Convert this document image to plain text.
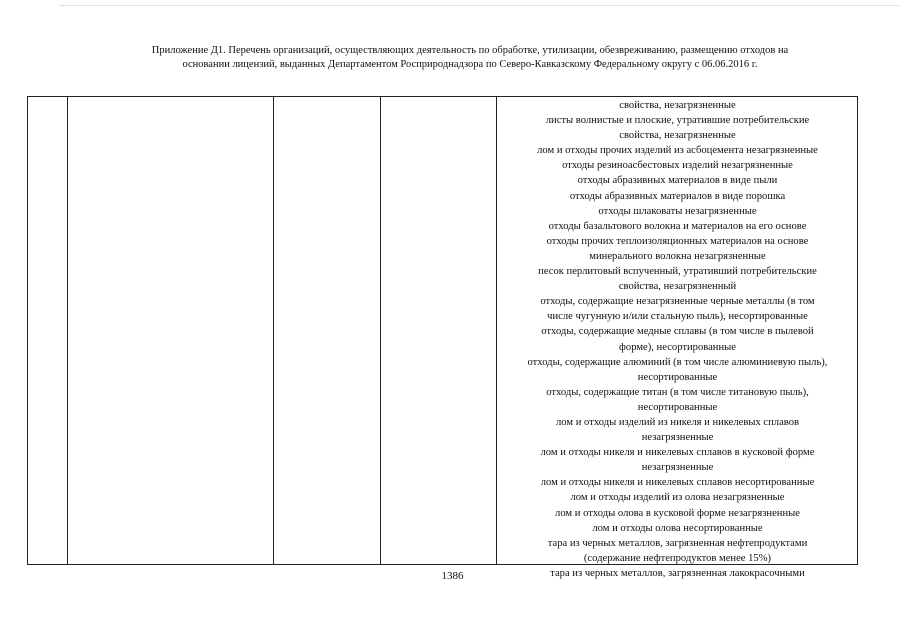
Приложение Д1. Перечень организаций, осуществляющих деятельность по обработке, утилизации, обезвреживанию, размещению отходов на
основании лицензий, выданных Департаментом Росприроднадзора по Северо-Кавказскому Федеральному округу с 06.06.2016 г.
свойства, незагрязненные
листы волнистые и плоские, утратившие потребительские
свойства, незагрязненные
лом и отходы прочих изделий из асбоцемента незагрязненные
отходы резиноасбестовых изделий незагрязненные
отходы абразивных материалов в виде пыли
отходы абразивных материалов в виде порошка
отходы шлаковаты незагрязненные
отходы базальтового волокна и материалов на его основе
отходы прочих теплоизоляционных материалов на основе
минерального волокна незагрязненные
песок перлитовый вспученный, утративший потребительские
свойства, незагрязненный
отходы, содержащие незагрязненные черные металлы (в том
числе чугунную и/или стальную пыль), несортированные
отходы, содержащие медные сплавы (в том числе в пылевой
форме), несортированные
отходы, содержащие алюминий (в том числе алюминиевую пыль),
несортированные
отходы, содержащие титан (в том числе титановую пыль),
несортированные
лом и отходы изделий из никеля и никелевых сплавов
незагрязненные
лом и отходы никеля и никелевых сплавов в кусковой форме
незагрязненные
лом и отходы никеля и никелевых сплавов несортированные
лом и отходы изделий из олова незагрязненные
лом и отходы олова в кусковой форме незагрязненные
лом и отходы олова несортированные
тара из черных металлов, загрязненная нефтепродуктами
(содержание нефтепродуктов менее 15%)
тара из черных металлов, загрязненная лакокрасочными
1386
